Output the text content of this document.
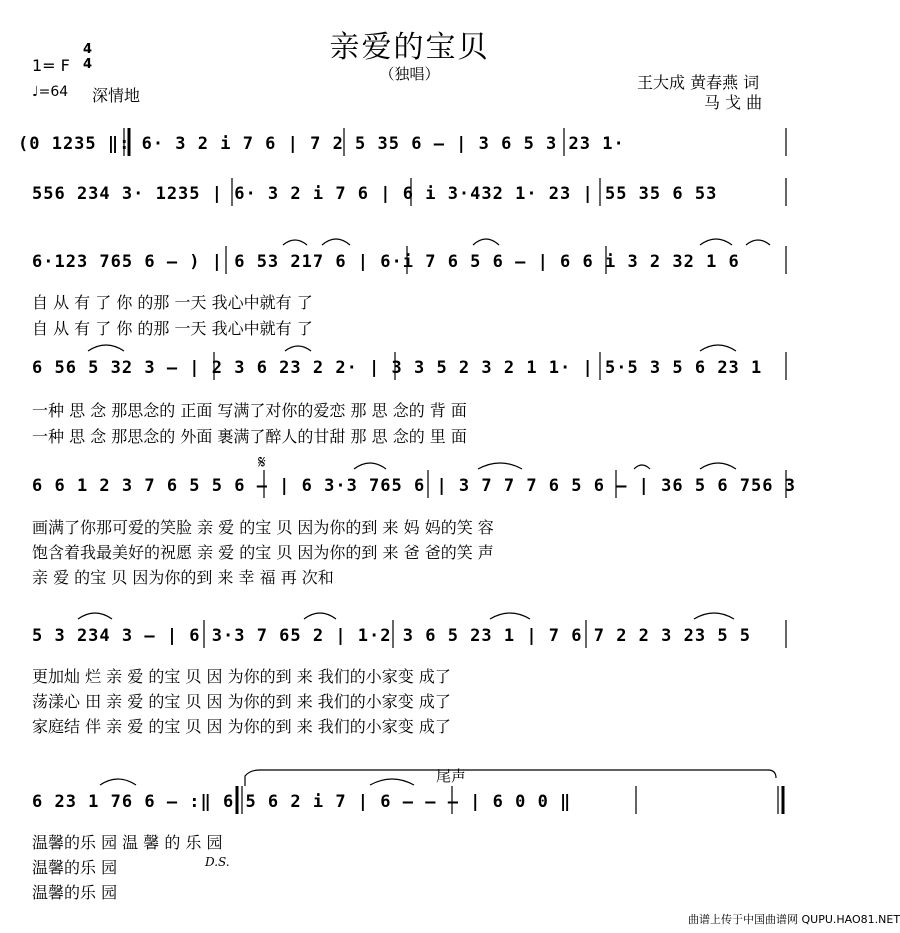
亲爱的宝贝
（独唱）
1= F
4
4
♩=64 深情地
王大成 黄春燕 词
马 戈 曲
(0 1235 ‖: 6· 3 2 i 7 6 | 7 2 5 35 6 – | 3 6 5 3 23 1·
556 234 3· 1235 | 6· 3 2 i 7 6 | 6 i 3·432 1· 23 | 55 35 6 53
6·123 765 6 – ) | 6 53 217 6 | 6·i 7 6 5 6 – | 6 6 i 3 2 32 1 6
自 从 有 了 你 的那 一天 我心中就有 了
自 从 有 了 你 的那 一天 我心中就有 了
6 56 5 32 3 – | 2 3 6 23 2 2· | 3 3 5 2 3 2 1 1· | 5·5 3 5 6 23 1
一种 思 念 那思念的 正面 写满了对你的爱恋 那 思 念的 背 面
一种 思 念 那思念的 外面 裹满了醉人的甘甜 那 思 念的 里 面
𝄋
6 6 1 2 3 7 6 5 5 6 – | 6 3·3 765 6 | 3 7 7 7 6 5 6 – | 36 5 6 756 3
画满了你那可爱的笑脸 亲 爱 的宝 贝 因为你的到 来 妈 妈的笑 容
饱含着我最美好的祝愿 亲 爱 的宝 贝 因为你的到 来 爸 爸的笑 声
亲 爱 的宝 贝 因为你的到 来 幸 福 再 次和
5 3 234 3 – | 6 3·3 7 65 2 | 1·2 3 6 5 23 1 | 7 6 7 2 2 3 23 5 5
更加灿 烂 亲 爱 的宝 贝 因 为你的到 来 我们的小家变 成了
荡漾心 田 亲 爱 的宝 贝 因 为你的到 来 我们的小家变 成了
家庭结 伴 亲 爱 的宝 贝 因 为你的到 来 我们的小家变 成了
尾声
6 23 1 76 6 – :‖ 6 5 6 2 i 7 | 6 – – – | 6 0 0 ‖
温馨的乐 园 温 馨 的 乐 园
温馨的乐 园
温馨的乐 园
D.S.
曲谱上传于中国曲谱网 QUPU.HAO81.NET
